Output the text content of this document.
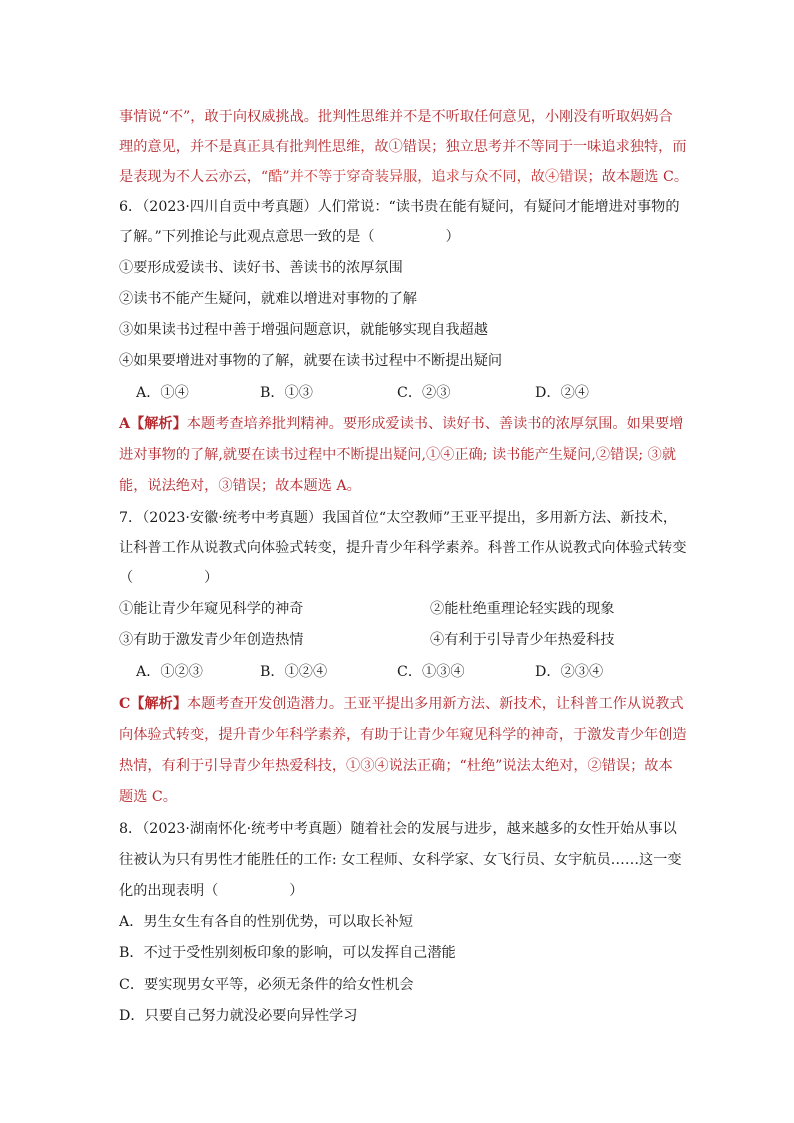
事情说“不”，敢于向权威挑战。批判性思维并不是不听取任何意见，小刚没有听取妈妈合
理的意见，并不是真正具有批判性思维，故①错误；独立思考并不等同于一味追求独特，而
是表现为不人云亦云，“酷”并不等于穿奇装异服，追求与众不同，故④错误；故本题选 C。
6．（2023·四川自贡中考真题）人们常说：“读书贵在能有疑问，有疑问才能增进对事物的
了解。”下列推论与此观点意思一致的是（　　　　　）
①要形成爱读书、读好书、善读书的浓厚氛围
②读书不能产生疑问，就难以增进对事物的了解
③如果读书过程中善于增强问题意识，就能够实现自我超越
④如果要增进对事物的了解，就要在读书过程中不断提出疑问
A．①④	B．①③	C．②③	D．②④
A【解析】本题考查培养批判精神。要形成爱读书、读好书、善读书的浓厚氛围。如果要增
进对事物的了解,就要在读书过程中不断提出疑问,①④正确; 读书能产生疑问,②错误; ③就
能，说法绝对，③错误；故本题选 A。
7．（2023·安徽·统考中考真题）我国首位“太空教师”王亚平提出，多用新方法、新技术，
让科普工作从说教式向体验式转变，提升青少年科学素养。科普工作从说教式向体验式转变
（　　　　　）
①能让青少年窥见科学的神奇	②能杜绝重理论轻实践的现象
③有助于激发青少年创造热情	④有利于引导青少年热爱科技
A．①②③	B．①②④	C．①③④	D．②③④
C【解析】本题考查开发创造潜力。王亚平提出多用新方法、新技术，让科普工作从说教式
向体验式转变，提升青少年科学素养，有助于让青少年窥见科学的神奇，于激发青少年创造
热情，有利于引导青少年热爱科技，①③④说法正确；“杜绝”说法太绝对，②错误；故本
题选 C。
8．（2023·湖南怀化·统考中考真题）随着社会的发展与进步，越来越多的女性开始从事以
往被认为只有男性才能胜任的工作: 女工程师、女科学家、女飞行员、女宇航员……这一变
化的出现表明（　　　　　）
A．男生女生有各自的性别优势，可以取长补短
B．不过于受性别刻板印象的影响，可以发挥自己潜能
C．要实现男女平等，必须无条件的给女性机会
D．只要自己努力就没必要向异性学习
